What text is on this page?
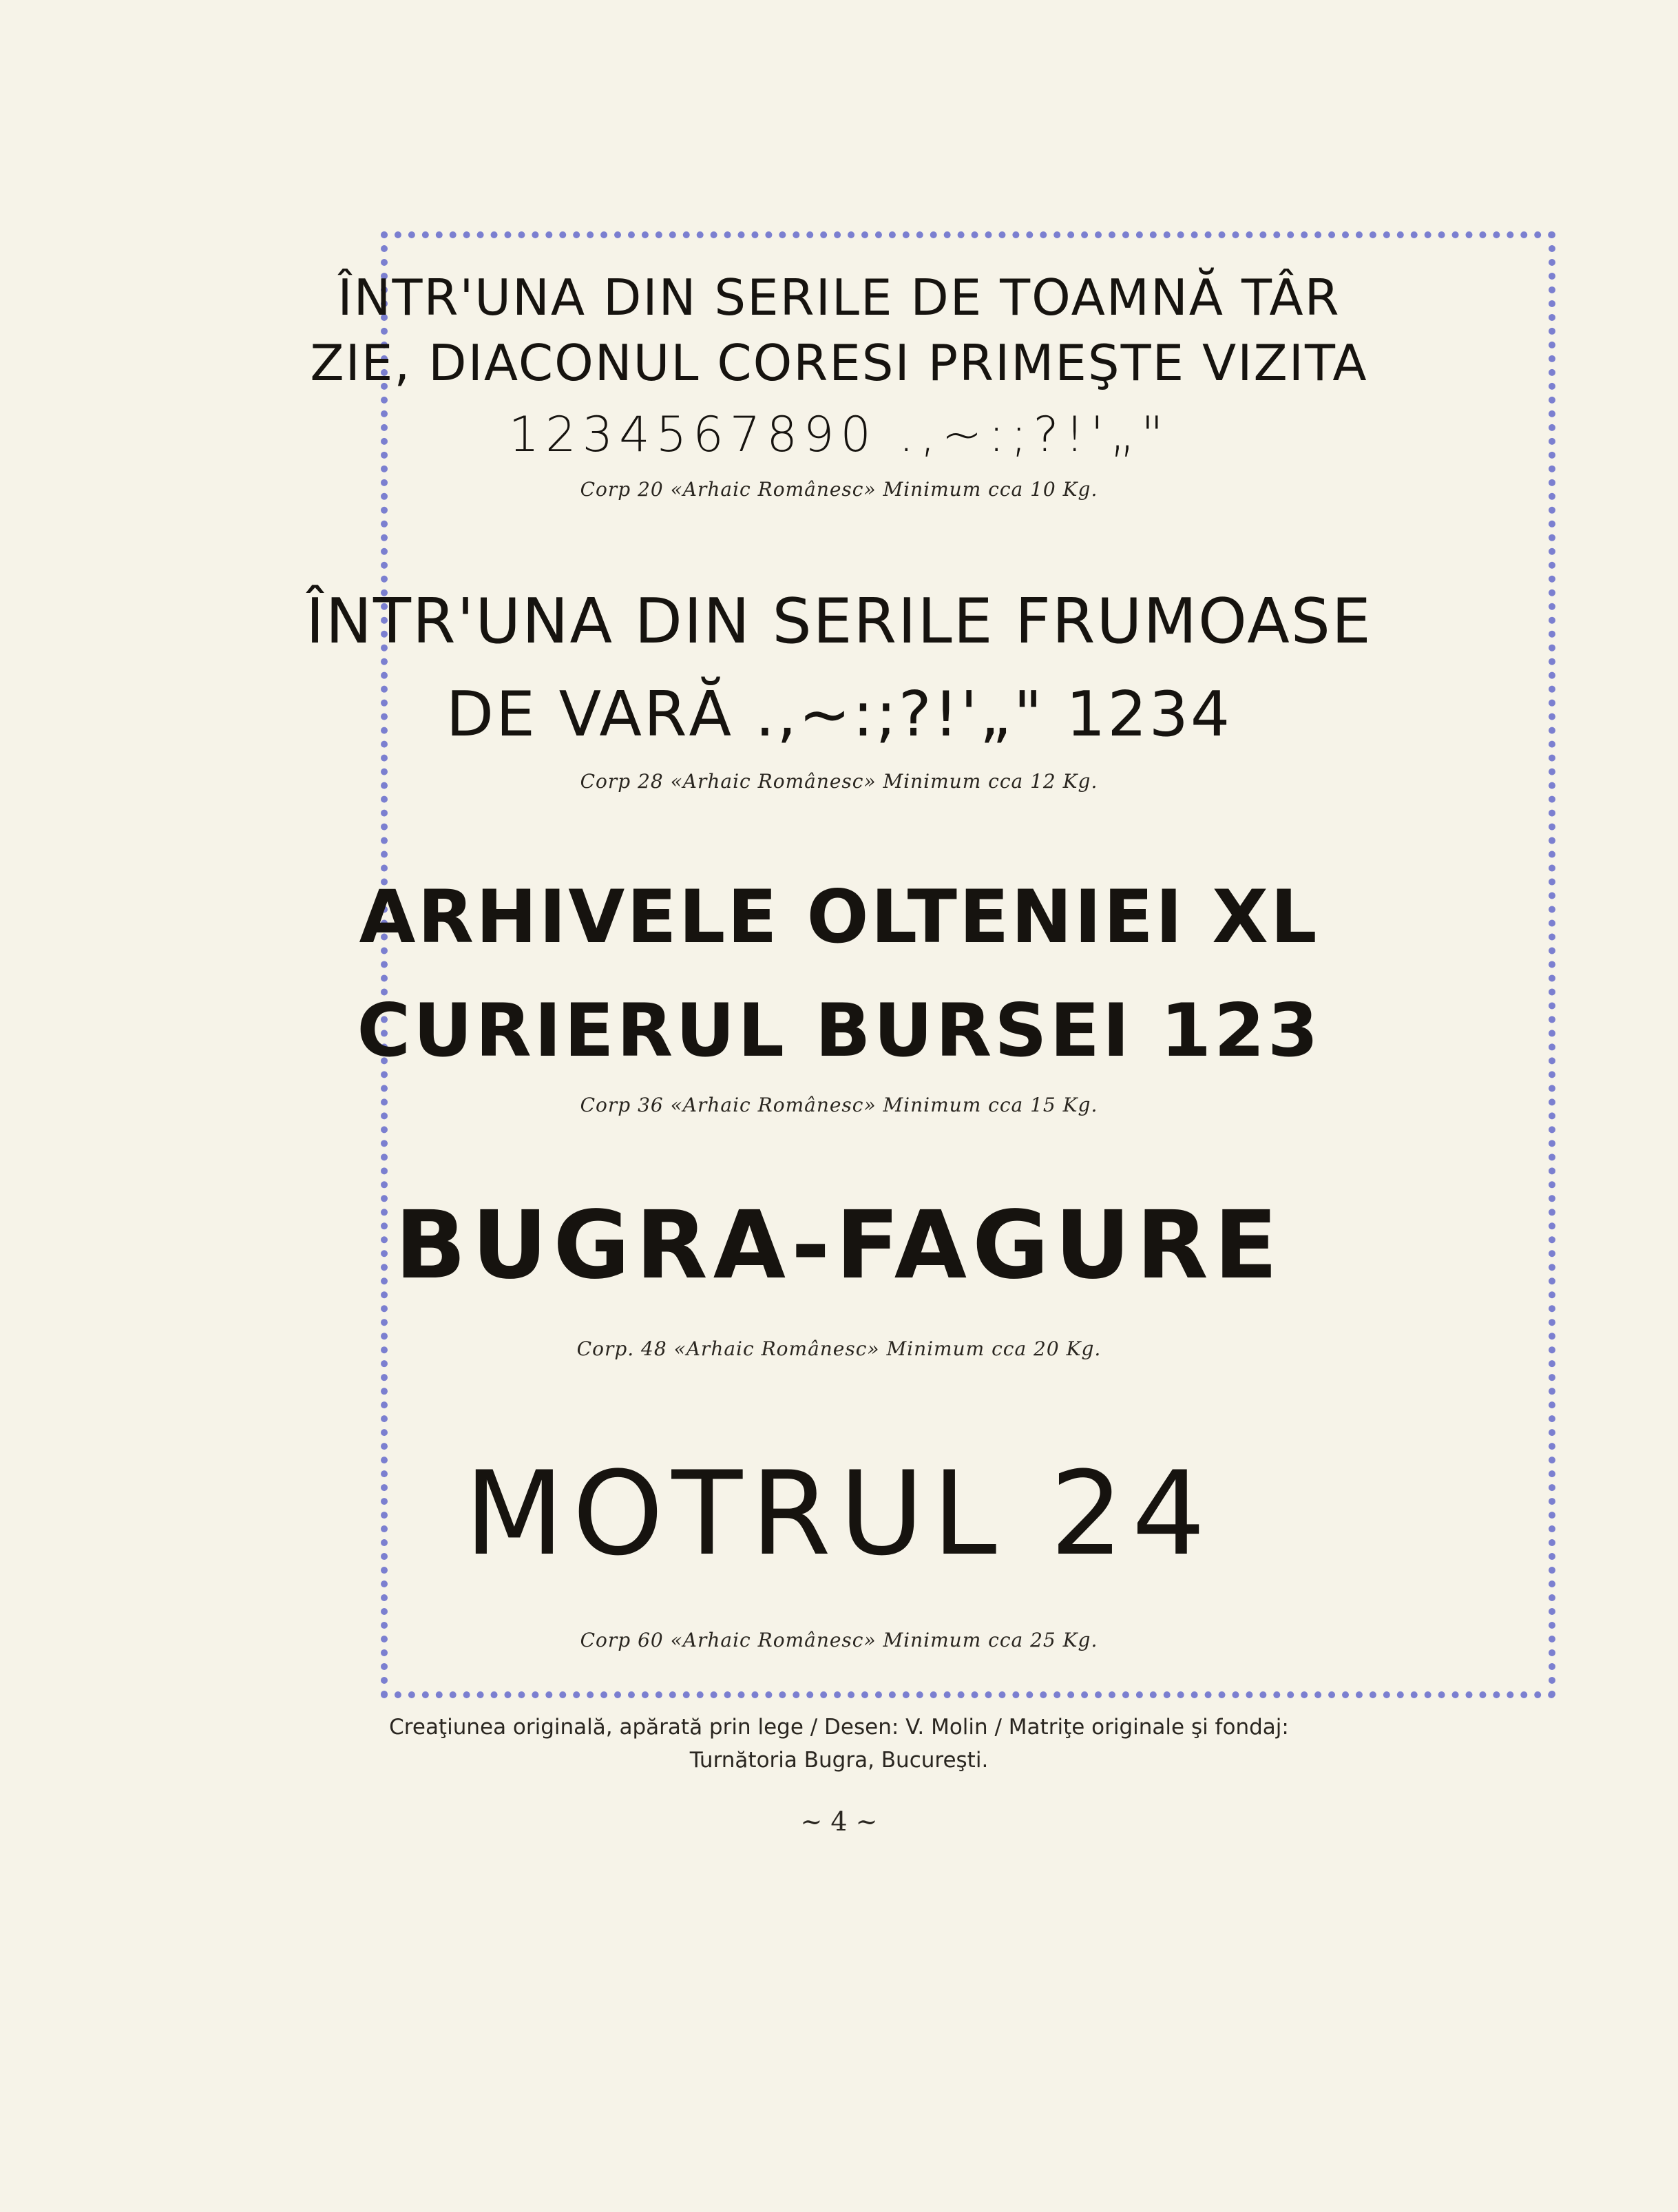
ÎNTR'UNA DIN SERILE DE TOAMNĂ TÂR

ZIE, DIACONUL CORESI PRIMEŞTE VIZITA

1234567890 .,~:;?!'„"

Corp 20 «Arhaic Românesc» Minimum cca 10 Kg.

ÎNTR'UNA DIN SERILE FRUMOASE

DE VARĂ .,~:;?!'„" 1234

Corp 28 «Arhaic Românesc» Minimum cca 12 Kg.

ARHIVELE OLTENIEI XL

CURIERUL BURSEI 123

Corp 36 «Arhaic Românesc» Minimum cca 15 Kg.

BUGRA-FAGURE

Corp. 48 «Arhaic Românesc» Minimum cca 20 Kg.

MOTRUL 24

Corp 60 «Arhaic Românesc» Minimum cca 25 Kg.

Creaţiunea originală, apărată prin lege / Desen: V. Molin / Matriţe originale şi fondaj:

Turnătoria Bugra, Bucureşti.

~ 4 ~
